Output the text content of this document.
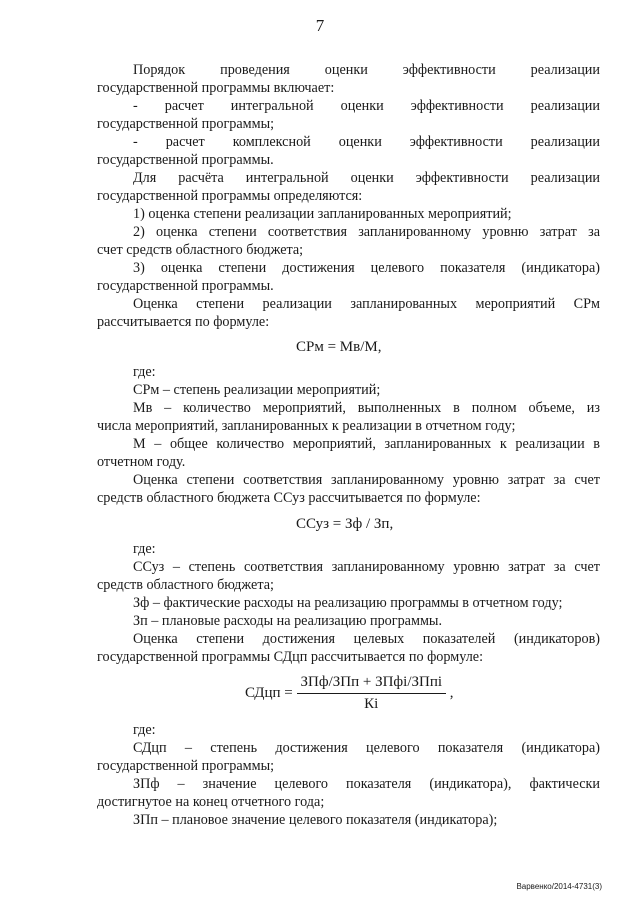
7
Порядок проведения оценки эффективности реализации
государственной программы включает:
- расчет интегральной оценки эффективности реализации
государственной программы;
- расчет комплексной оценки эффективности реализации
государственной программы.
Для расчёта интегральной оценки эффективности реализации
государственной программы определяются:
1) оценка степени реализации запланированных мероприятий;
2) оценка степени соответствия запланированному уровню затрат за
счет средств областного бюджета;
3) оценка степени достижения целевого показателя (индикатора)
государственной программы.
Оценка степени реализации запланированных мероприятий СРм
рассчитывается по формуле:
СРм = Мв/М,
где:
СРм – степень реализации мероприятий;
Мв – количество мероприятий, выполненных в полном объеме, из
числа мероприятий, запланированных к реализации в отчетном году;
М – общее количество мероприятий, запланированных к реализации в
отчетном году.
Оценка степени соответствия запланированному уровню затрат за счет
средств областного бюджета ССуз рассчитывается по формуле:
ССуз = Зф / Зп,
где:
ССуз – степень соответствия запланированному уровню затрат за счет
средств областного бюджета;
Зф – фактические расходы на реализацию программы в отчетном году;
Зп – плановые расходы на реализацию программы.
Оценка степени достижения целевых показателей (индикаторов)
государственной программы СДцп рассчитывается по формуле:
СДцп = $\frac{\text{ЗПф/ЗПп + ЗПфi/ЗПпi}}{Кi}$ ,
где:
СДцп – степень достижения целевого показателя (индикатора)
государственной программы;
ЗПф – значение целевого показателя (индикатора), фактически
достигнутое на конец отчетного года;
ЗПп – плановое значение целевого показателя (индикатора);
Варвенко/2014-4731(3)
